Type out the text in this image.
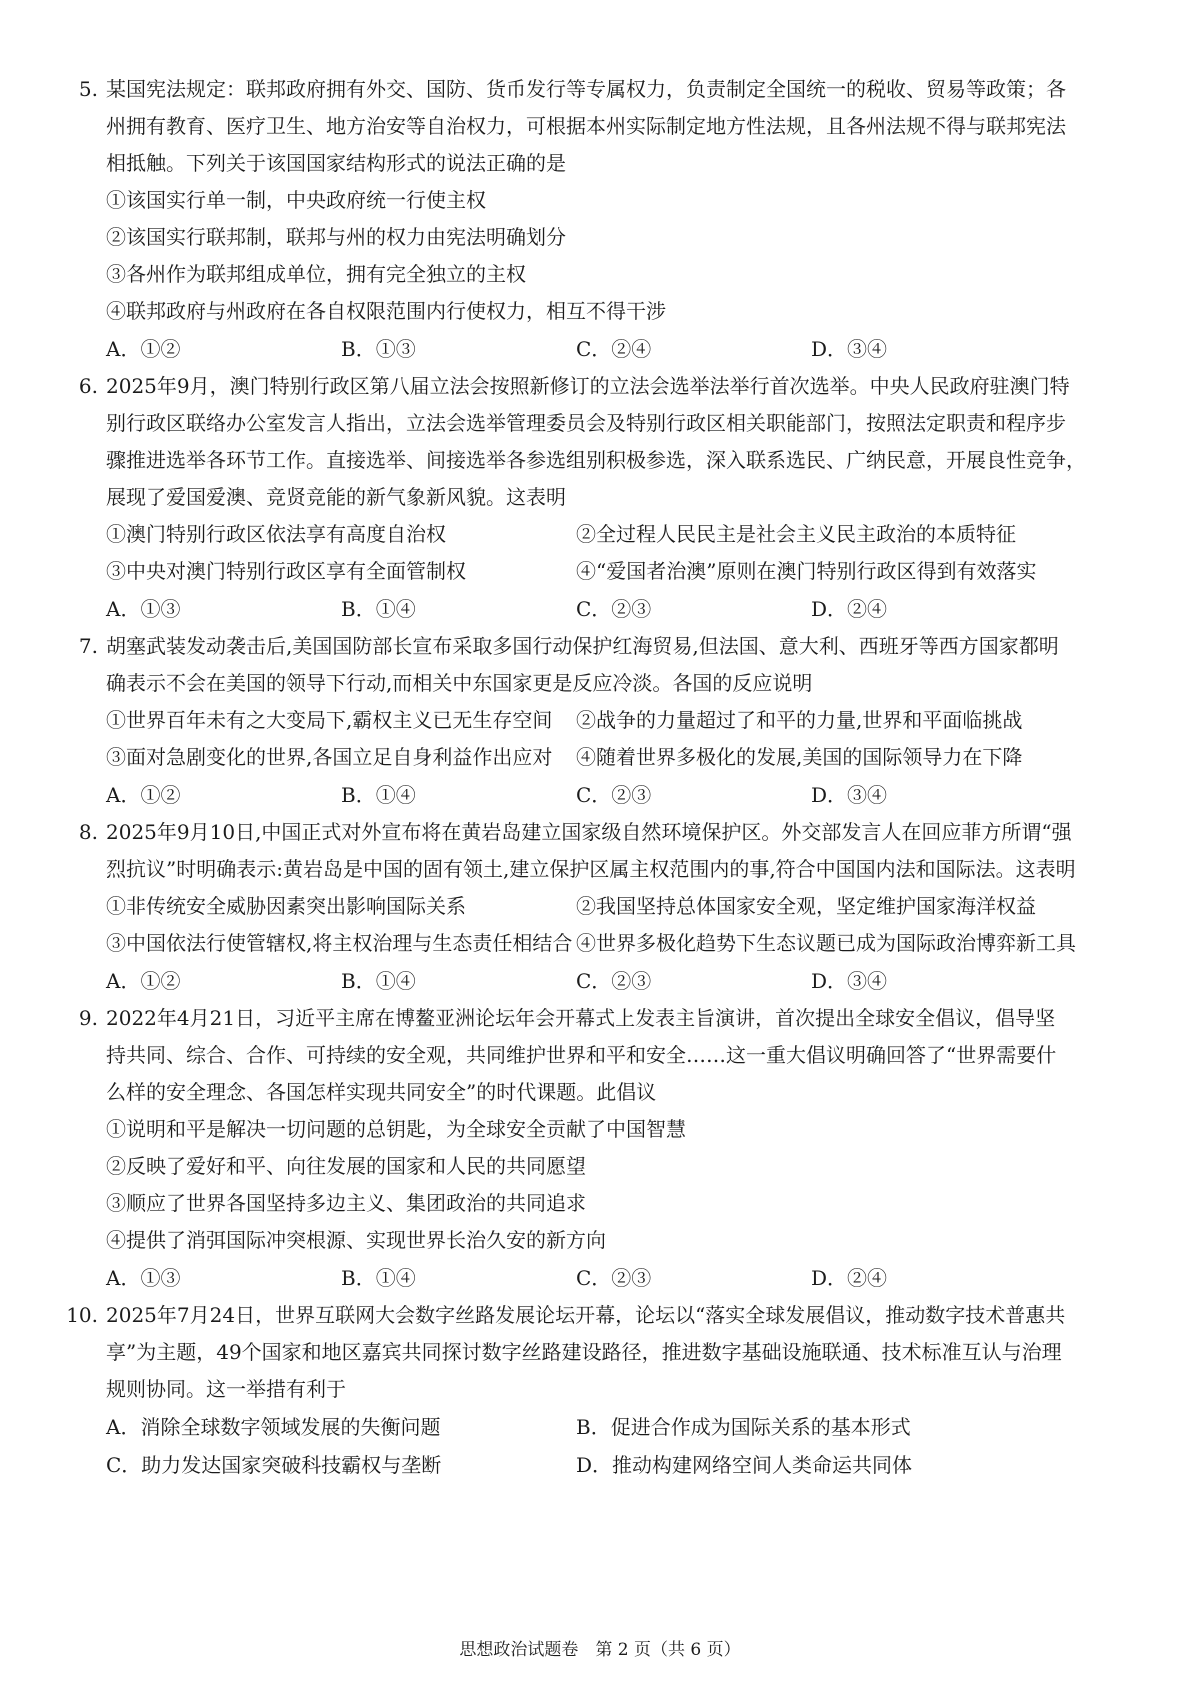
5. 某国宪法规定：联邦政府拥有外交、国防、货币发行等专属权力，负责制定全国统一的税收、贸易等政策；各
州拥有教育、医疗卫生、地方治安等自治权力，可根据本州实际制定地方性法规，且各州法规不得与联邦宪法
相抵触。下列关于该国国家结构形式的说法正确的是
①该国实行单一制，中央政府统一行使主权
②该国实行联邦制，联邦与州的权力由宪法明确划分
③各州作为联邦组成单位，拥有完全独立的主权
④联邦政府与州政府在各自权限范围内行使权力，相互不得干涉
A．①②	B．①③	C．②④	D．③④
6. 2025年9月，澳门特别行政区第八届立法会按照新修订的立法会选举法举行首次选举。中央人民政府驻澳门特
别行政区联络办公室发言人指出，立法会选举管理委员会及特别行政区相关职能部门，按照法定职责和程序步
骤推进选举各环节工作。直接选举、间接选举各参选组别积极参选，深入联系选民、广纳民意，开展良性竞争，
展现了爱国爱澳、竞贤竞能的新气象新风貌。这表明
①澳门特别行政区依法享有高度自治权	②全过程人民民主是社会主义民主政治的本质特征
③中央对澳门特别行政区享有全面管制权	④“爱国者治澳”原则在澳门特别行政区得到有效落实
A．①③	B．①④	C．②③	D．②④
7. 胡塞武装发动袭击后,美国国防部长宣布采取多国行动保护红海贸易,但法国、意大利、西班牙等西方国家都明
确表示不会在美国的领导下行动,而相关中东国家更是反应冷淡。各国的反应说明
①世界百年未有之大变局下,霸权主义已无生存空间 ②战争的力量超过了和平的力量,世界和平面临挑战
③面对急剧变化的世界,各国立足自身利益作出应对 ④随着世界多极化的发展,美国的国际领导力在下降
A．①②	B．①④	C．②③	D．③④
8. 2025年9月10日,中国正式对外宣布将在黄岩岛建立国家级自然环境保护区。外交部发言人在回应菲方所谓“强
烈抗议”时明确表示:黄岩岛是中国的固有领土,建立保护区属主权范围内的事,符合中国国内法和国际法。这表明
①非传统安全威胁因素突出影响国际关系	②我国坚持总体国家安全观，坚定维护国家海洋权益
③中国依法行使管辖权,将主权治理与生态责任相结合 ④世界多极化趋势下生态议题已成为国际政治博弈新工具
A．①②	B．①④	C．②③	D．③④
9. 2022年4月21日，习近平主席在博鳌亚洲论坛年会开幕式上发表主旨演讲，首次提出全球安全倡议，倡导坚
持共同、综合、合作、可持续的安全观，共同维护世界和平和安全……这一重大倡议明确回答了“世界需要什
么样的安全理念、各国怎样实现共同安全”的时代课题。此倡议
①说明和平是解决一切问题的总钥匙，为全球安全贡献了中国智慧
②反映了爱好和平、向往发展的国家和人民的共同愿望
③顺应了世界各国坚持多边主义、集团政治的共同追求
④提供了消弭国际冲突根源、实现世界长治久安的新方向
A．①③	B．①④	C．②③	D．②④
10. 2025年7月24日，世界互联网大会数字丝路发展论坛开幕，论坛以“落实全球发展倡议，推动数字技术普惠共
享”为主题，49个国家和地区嘉宾共同探讨数字丝路建设路径，推进数字基础设施联通、技术标准互认与治理
规则协同。这一举措有利于
A．消除全球数字领域发展的失衡问题	B．促进合作成为国际关系的基本形式
C．助力发达国家突破科技霸权与垄断	D．推动构建网络空间人类命运共同体
思想政治试题卷　第 2 页（共 6 页）
